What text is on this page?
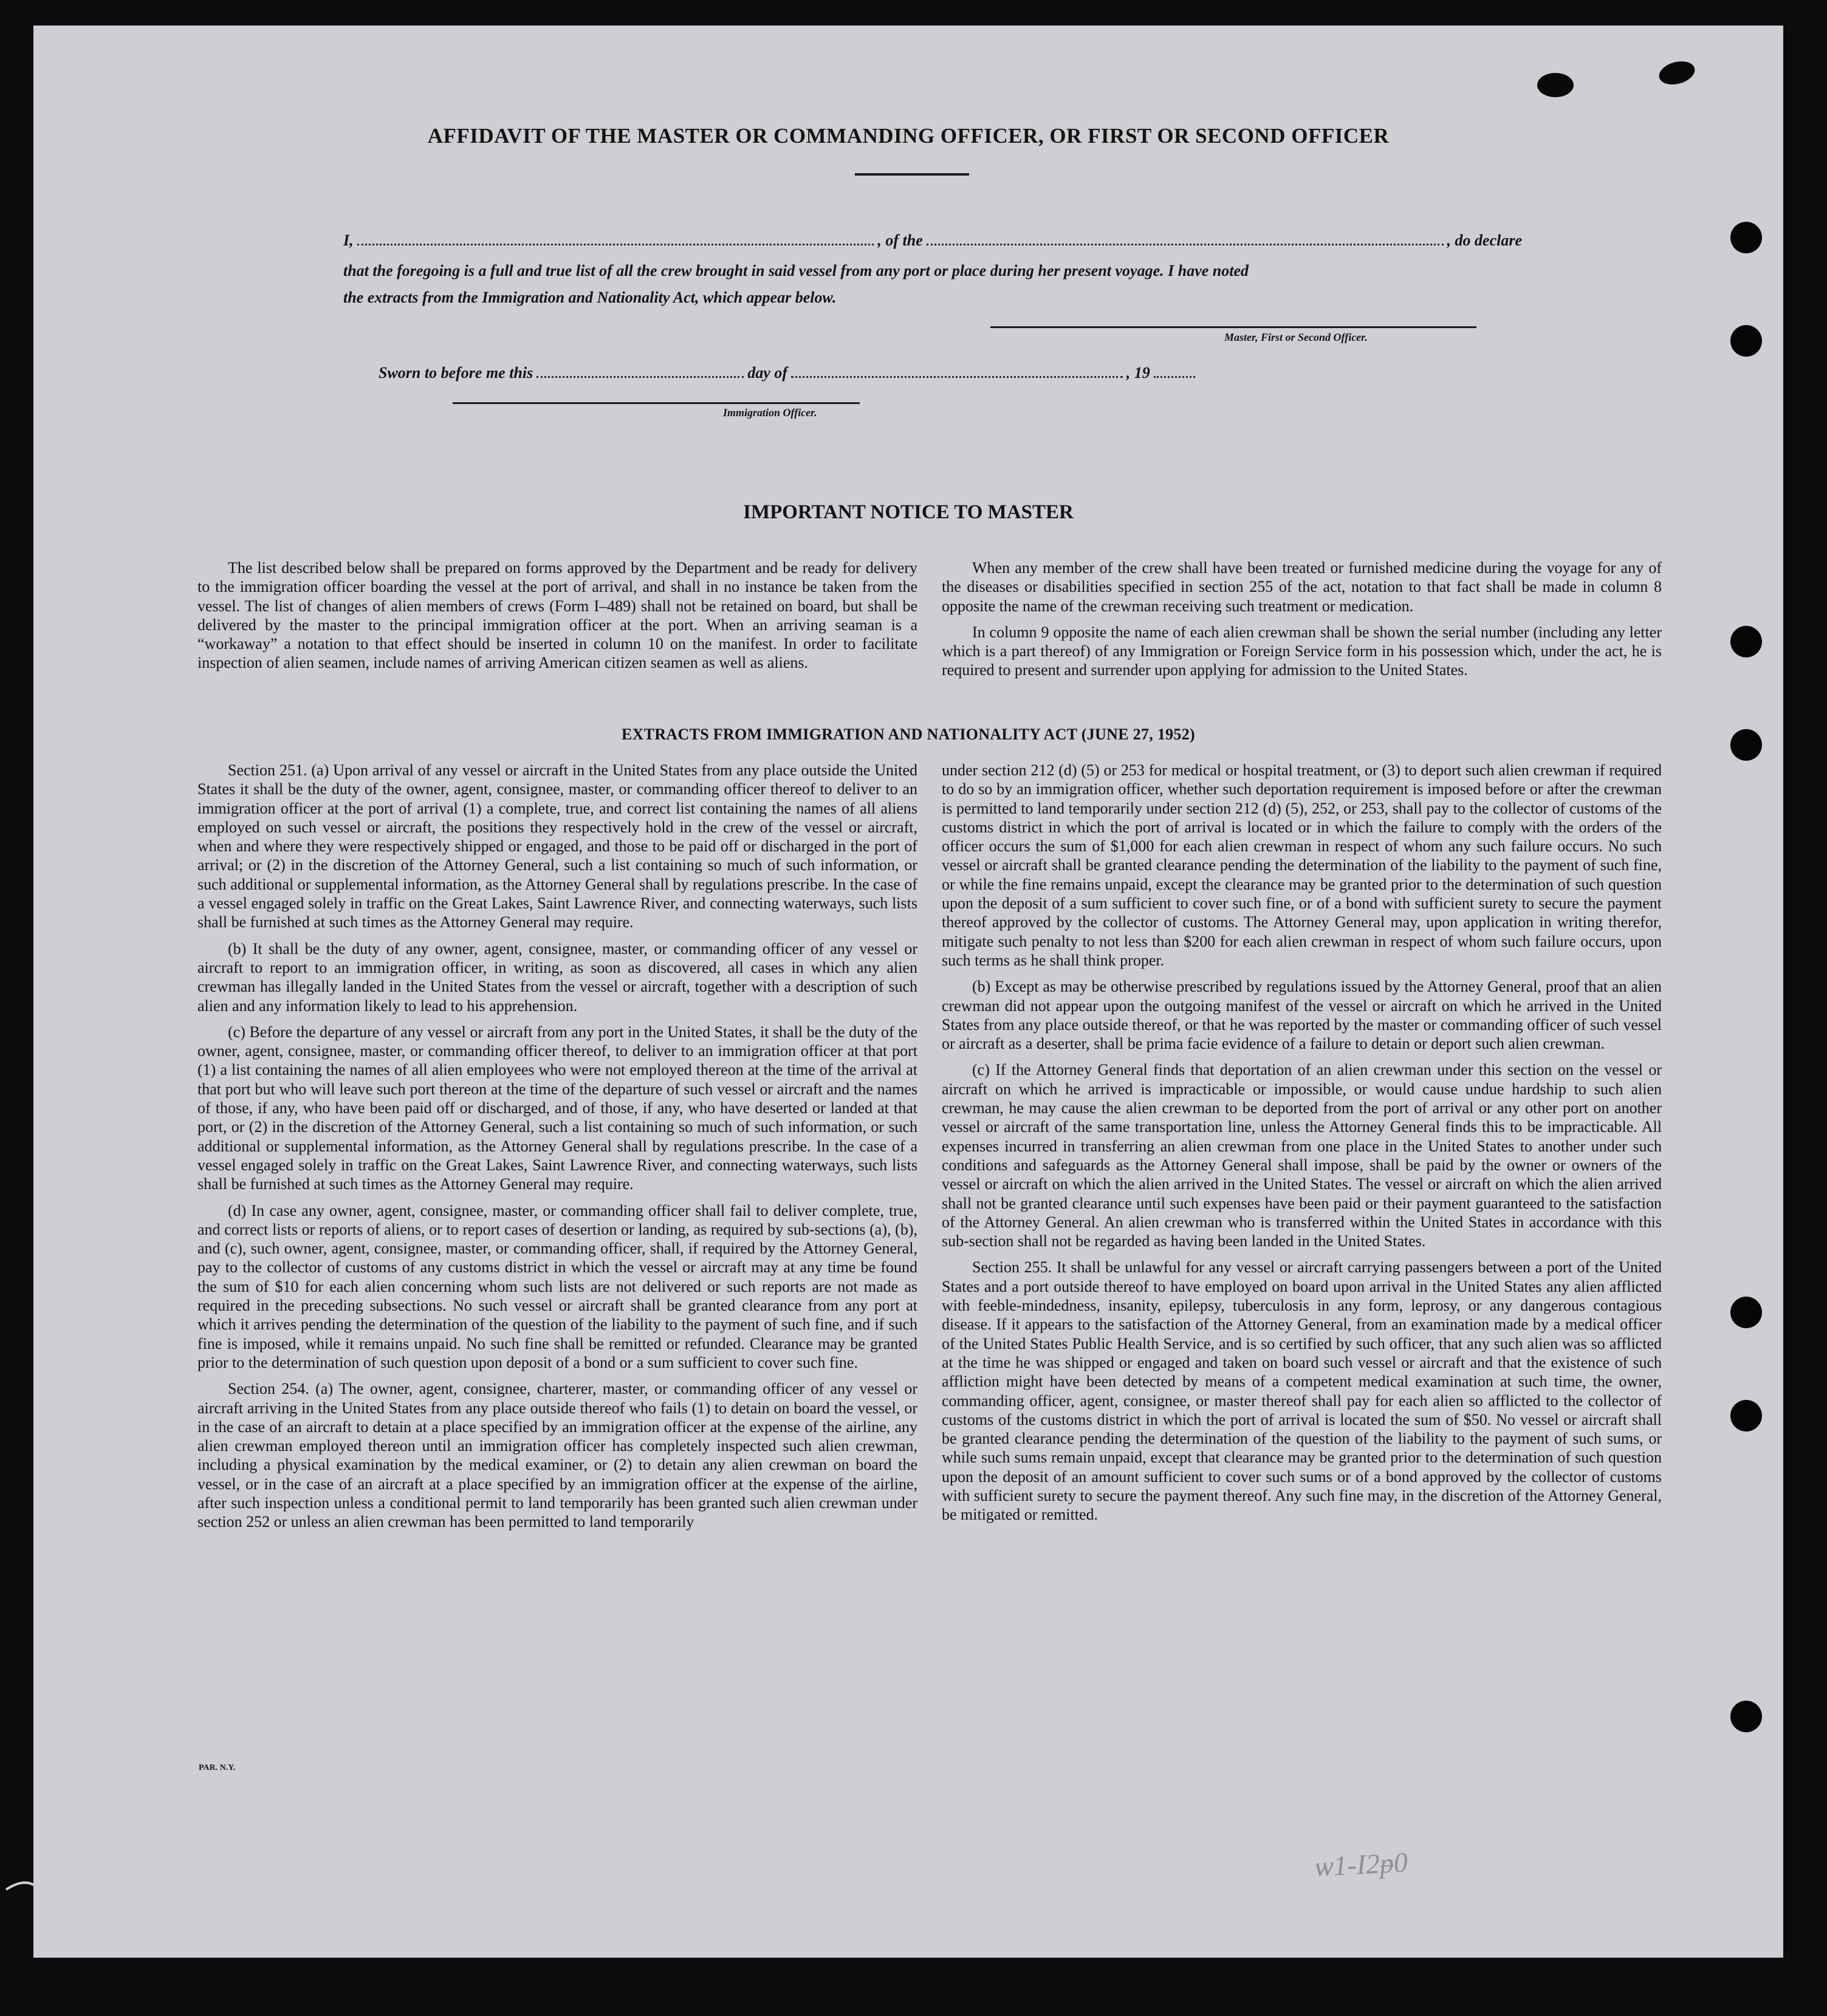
AFFIDAVIT OF THE MASTER OR COMMANDING OFFICER, OR FIRST OR SECOND OFFICER
I,	, of the	, do declare
that the foregoing is a full and true list of all the crew brought in said vessel from any port or place during her present voyage. I have noted
the extracts from the Immigration and Nationality Act, which appear below.
Master, First or Second Officer.
Sworn to before me this	day of	, 19
Immigration Officer.
IMPORTANT NOTICE TO MASTER

The list described below shall be prepared on forms approved by the Department and be ready for delivery to the immigration officer boarding the vessel at the port of arrival, and shall in no instance be taken from the vessel. The list of changes of alien members of crews (Form I–489) shall not be retained on board, but shall be delivered by the master to the principal immigration officer at the port. When an arriving seaman is a “workaway” a notation to that effect should be inserted in column 10 on the manifest. In order to facilitate inspection of alien seamen, include names of arriving American citizen seamen as well as aliens.

When any member of the crew shall have been treated or furnished medicine during the voyage for any of the diseases or disabilities specified in section 255 of the act, notation to that fact shall be made in column 8 opposite the name of the crewman receiving such treatment or medication.

In column 9 opposite the name of each alien crewman shall be shown the serial number (including any letter which is a part thereof) of any Immigration or Foreign Service form in his possession which, under the act, he is required to present and surrender upon applying for admission to the United States.

EXTRACTS FROM IMMIGRATION AND NATIONALITY ACT (JUNE 27, 1952)

Section 251. (a) Upon arrival of any vessel or aircraft in the United States from any place outside the United States it shall be the duty of the owner, agent, consignee, master, or commanding officer thereof to deliver to an immigration officer at the port of arrival (1) a complete, true, and correct list containing the names of all aliens employed on such vessel or aircraft, the positions they respectively hold in the crew of the vessel or aircraft, when and where they were respectively shipped or engaged, and those to be paid off or discharged in the port of arrival; or (2) in the discretion of the Attorney General, such a list containing so much of such information, or such additional or supplemental information, as the Attorney General shall by regulations prescribe. In the case of a vessel engaged solely in traffic on the Great Lakes, Saint Lawrence River, and connecting waterways, such lists shall be furnished at such times as the Attorney General may require.

(b) It shall be the duty of any owner, agent, consignee, master, or commanding officer of any vessel or aircraft to report to an immigration officer, in writing, as soon as discovered, all cases in which any alien crewman has illegally landed in the United States from the vessel or aircraft, together with a description of such alien and any information likely to lead to his apprehension.

(c) Before the departure of any vessel or aircraft from any port in the United States, it shall be the duty of the owner, agent, consignee, master, or commanding officer thereof, to deliver to an immigration officer at that port (1) a list containing the names of all alien employees who were not employed thereon at the time of the arrival at that port but who will leave such port thereon at the time of the departure of such vessel or aircraft and the names of those, if any, who have been paid off or discharged, and of those, if any, who have deserted or landed at that port, or (2) in the discretion of the Attorney General, such a list containing so much of such information, or such additional or supplemental information, as the Attorney General shall by regulations prescribe. In the case of a vessel engaged solely in traffic on the Great Lakes, Saint Lawrence River, and connecting waterways, such lists shall be furnished at such times as the Attorney General may require.

(d) In case any owner, agent, consignee, master, or commanding officer shall fail to deliver complete, true, and correct lists or reports of aliens, or to report cases of desertion or landing, as required by sub-sections (a), (b), and (c), such owner, agent, consignee, master, or commanding officer, shall, if required by the Attorney General, pay to the collector of customs of any customs district in which the vessel or aircraft may at any time be found the sum of $10 for each alien concerning whom such lists are not delivered or such reports are not made as required in the preceding subsections. No such vessel or aircraft shall be granted clearance from any port at which it arrives pending the determination of the question of the liability to the payment of such fine, and if such fine is imposed, while it remains unpaid. No such fine shall be remitted or refunded. Clearance may be granted prior to the determination of such question upon deposit of a bond or a sum sufficient to cover such fine.

Section 254. (a) The owner, agent, consignee, charterer, master, or commanding officer of any vessel or aircraft arriving in the United States from any place outside thereof who fails (1) to detain on board the vessel, or in the case of an aircraft to detain at a place specified by an immigration officer at the expense of the airline, any alien crewman employed thereon until an immigration officer has completely inspected such alien crewman, including a physical examination by the medical examiner, or (2) to detain any alien crewman on board the vessel, or in the case of an aircraft at a place specified by an immigration officer at the expense of the airline, after such inspection unless a conditional permit to land temporarily has been granted such alien crewman under section 252 or unless an alien crewman has been permitted to land temporarily

under section 212 (d) (5) or 253 for medical or hospital treatment, or (3) to deport such alien crewman if required to do so by an immigration officer, whether such deportation requirement is imposed before or after the crewman is permitted to land temporarily under section 212 (d) (5), 252, or 253, shall pay to the collector of customs of the customs district in which the port of arrival is located or in which the failure to comply with the orders of the officer occurs the sum of $1,000 for each alien crewman in respect of whom any such failure occurs. No such vessel or aircraft shall be granted clearance pending the determination of the liability to the payment of such fine, or while the fine remains unpaid, except the clearance may be granted prior to the determination of such question upon the deposit of a sum sufficient to cover such fine, or of a bond with sufficient surety to secure the payment thereof approved by the collector of customs. The Attorney General may, upon application in writing therefor, mitigate such penalty to not less than $200 for each alien crewman in respect of whom such failure occurs, upon such terms as he shall think proper.

(b) Except as may be otherwise prescribed by regulations issued by the Attorney General, proof that an alien crewman did not appear upon the outgoing manifest of the vessel or aircraft on which he arrived in the United States from any place outside thereof, or that he was reported by the master or commanding officer of such vessel or aircraft as a deserter, shall be prima facie evidence of a failure to detain or deport such alien crewman.

(c) If the Attorney General finds that deportation of an alien crewman under this section on the vessel or aircraft on which he arrived is impracticable or impossible, or would cause undue hardship to such alien crewman, he may cause the alien crewman to be deported from the port of arrival or any other port on another vessel or aircraft of the same transportation line, unless the Attorney General finds this to be impracticable. All expenses incurred in transferring an alien crewman from one place in the United States to another under such conditions and safeguards as the Attorney General shall impose, shall be paid by the owner or owners of the vessel or aircraft on which the alien arrived in the United States. The vessel or aircraft on which the alien arrived shall not be granted clearance until such expenses have been paid or their payment guaranteed to the satisfaction of the Attorney General. An alien crewman who is transferred within the United States in accordance with this sub-section shall not be regarded as having been landed in the United States.

Section 255. It shall be unlawful for any vessel or aircraft carrying passengers between a port of the United States and a port outside thereof to have employed on board upon arrival in the United States any alien afflicted with feeble-mindedness, insanity, epilepsy, tuberculosis in any form, leprosy, or any dangerous contagious disease. If it appears to the satisfaction of the Attorney General, from an examination made by a medical officer of the United States Public Health Service, and is so certified by such officer, that any such alien was so afflicted at the time he was shipped or engaged and taken on board such vessel or aircraft and that the existence of such affliction might have been detected by means of a competent medical examination at such time, the owner, commanding officer, agent, consignee, or master thereof shall pay for each alien so afflicted to the collector of customs of the customs district in which the port of arrival is located the sum of $50. No vessel or aircraft shall be granted clearance pending the determination of the question of the liability to the payment of such sums, or while such sums remain unpaid, except that clearance may be granted prior to the determination of such question upon the deposit of an amount sufficient to cover such sums or of a bond approved by the collector of customs with sufficient surety to secure the payment thereof. Any such fine may, in the discretion of the Attorney General, be mitigated or remitted.

PAR. N.Y.
ѡ1-I2ᵽ0
